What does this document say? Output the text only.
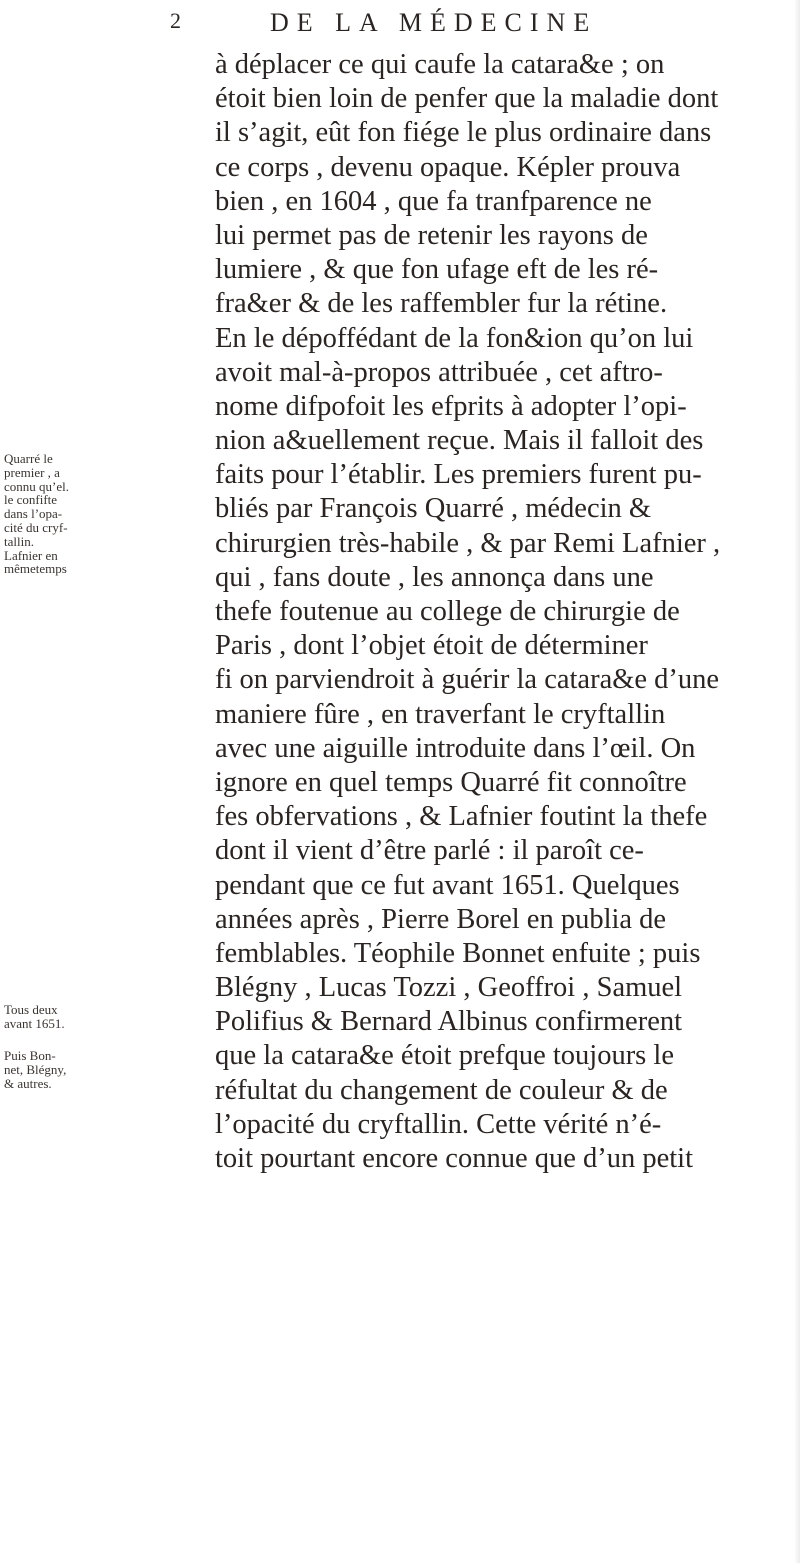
2	DE LA MÉDECINE
à déplacer ce qui caufe la catara&e ; on
étoit bien loin de penfer que la maladie dont
il s’agit, eût fon fiége le plus ordinaire dans
ce corps , devenu opaque. Képler prouva
bien , en 1604 , que fa tranfparence ne
lui permet pas de retenir les rayons de
lumiere , & que fon ufage eft de les ré-
fra&er & de les raffembler fur la rétine.
En le dépoffédant de la fon&ion qu’on lui
avoit mal-à-propos attribuée , cet aftro-
nome difpofoit les efprits à adopter l’opi-
nion a&uellement reçue. Mais il falloit des
faits pour l’établir. Les premiers furent pu-
bliés par François Quarré , médecin &
chirurgien très-habile , & par Remi Lafnier ,
qui , fans doute , les annonça dans une
thefe foutenue au college de chirurgie de
Paris , dont l’objet étoit de déterminer
fi on parviendroit à guérir la catara&e d’une
maniere fûre , en traverfant le cryftallin
avec une aiguille introduite dans l’œil. On
ignore en quel temps Quarré fit connoître
fes obfervations , & Lafnier foutint la thefe
dont il vient d’être parlé : il paroît ce-
pendant que ce fut avant 1651. Quelques
années après , Pierre Borel en publia de
femblables. Téophile Bonnet enfuite ; puis
Blégny , Lucas Tozzi , Geoffroi , Samuel
Polifius & Bernard Albinus confirmerent
que la catara&e étoit prefque toujours le
réfultat du changement de couleur & de
l’opacité du cryftallin. Cette vérité n’é-
toit pourtant encore connue que d’un petit
Quarré le
premier , a
connu qu’el.
le confifte
dans l’opa-
cité du cryf-
tallin.
Lafnier en
mêmetemps
Tous deux
avant 1651.
Puis Bon-
net, Blégny,
& autres.
